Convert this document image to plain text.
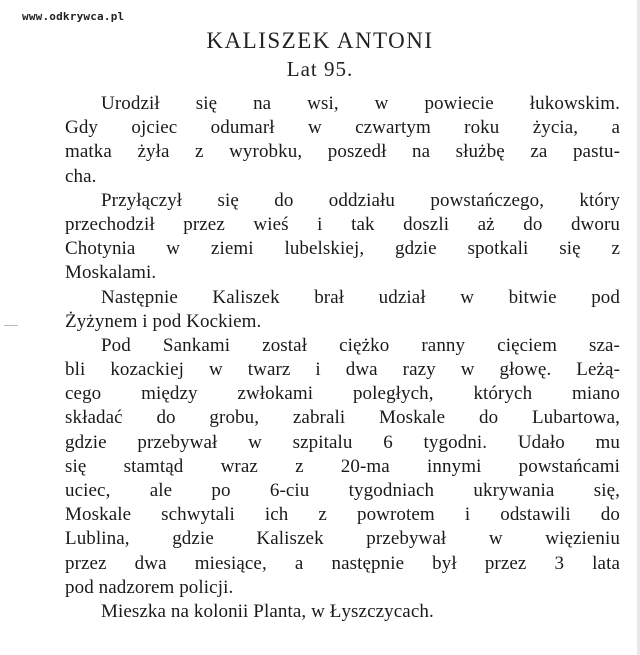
www.odkrywca.pl
KALISZEK ANTONI
Lat 95.
Urodził się na wsi, w powiecie łukowskim.
Gdy ojciec odumarł w czwartym roku życia, a
matka żyła z wyrobku, poszedł na służbę za pastu-
cha.
Przyłączył się do oddziału powstańczego, który
przechodził przez wieś i tak doszli aż do dworu
Chotynia w ziemi lubelskiej, gdzie spotkali się z
Moskalami.
Następnie Kaliszek brał udział w bitwie pod
Żyżynem i pod Kockiem.
Pod Sankami został ciężko ranny cięciem sza-
bli kozackiej w twarz i dwa razy w głowę. Leżą-
cego między zwłokami poległych, których miano
składać do grobu, zabrali Moskale do Lubartowa,
gdzie przebywał w szpitalu 6 tygodni. Udało mu
się stamtąd wraz z 20-ma innymi powstańcami
uciec, ale po 6-ciu tygodniach ukrywania się,
Moskale schwytali ich z powrotem i odstawili do
Lublina, gdzie Kaliszek przebywał w więzieniu
przez dwa miesiące, a następnie był przez 3 lata
pod nadzorem policji.
Mieszka na kolonii Planta, w Łyszczycach.
